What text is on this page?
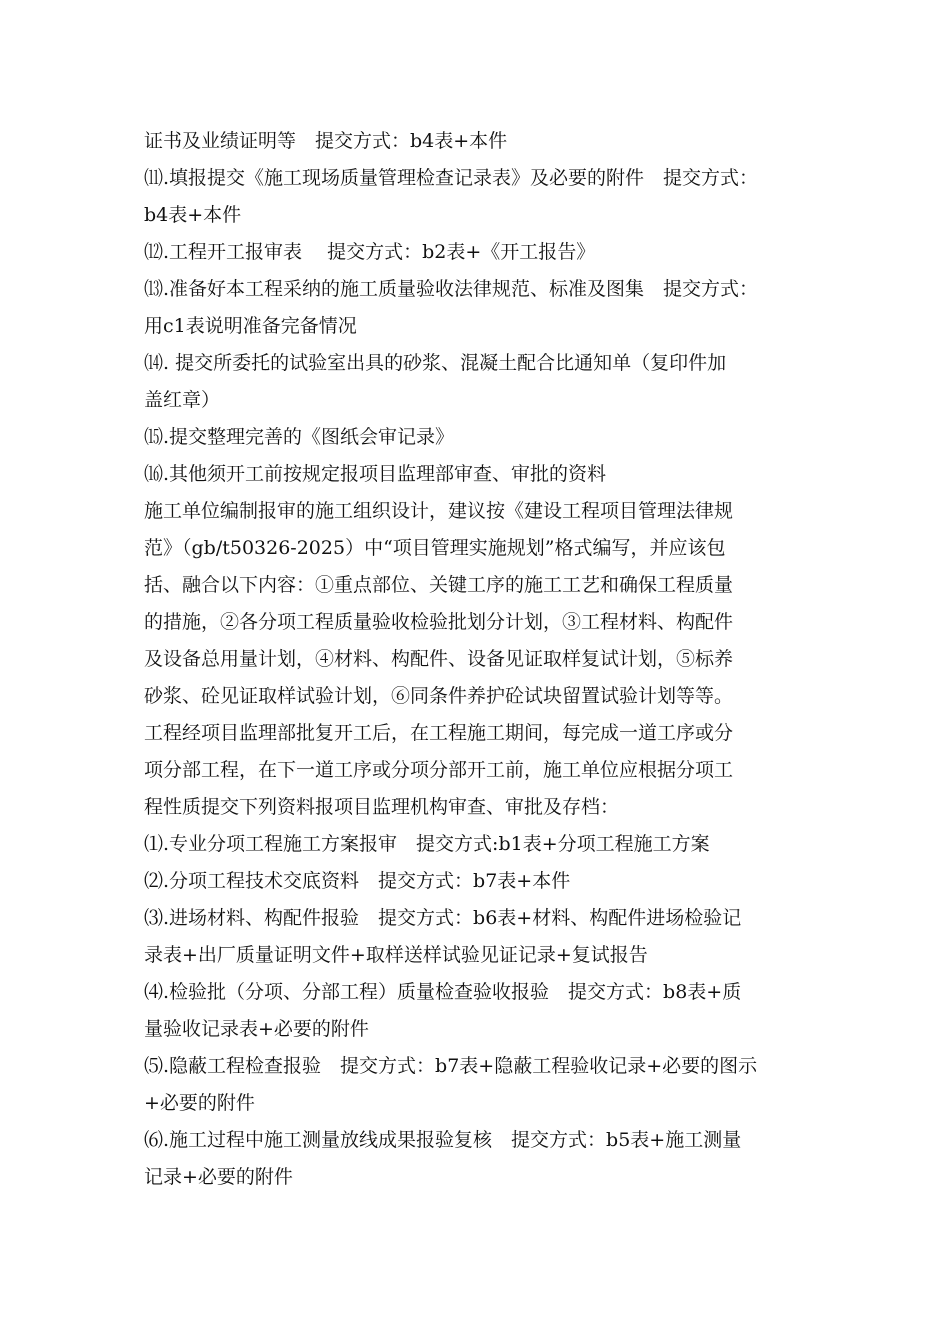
证书及业绩证明等　提交方式：b4表+本件
⑾.填报提交《施工现场质量管理检查记录表》及必要的附件　提交方式：
b4表+本件
⑿.工程开工报审表　 提交方式：b2表+《开工报告》
⒀.准备好本工程采纳的施工质量验收法律规范、标准及图集　提交方式：
用c1表说明准备完备情况
⒁. 提交所委托的试验室出具的砂浆、混凝土配合比通知单（复印件加
盖红章）
⒂.提交整理完善的《图纸会审记录》
⒃.其他须开工前按规定报项目监理部审查、审批的资料
施工单位编制报审的施工组织设计，建议按《建设工程项目管理法律规
范》（gb/t50326-2025）中“项目管理实施规划”格式编写，并应该包
括、融合以下内容：①重点部位、关键工序的施工工艺和确保工程质量
的措施，②各分项工程质量验收检验批划分计划，③工程材料、构配件
及设备总用量计划，④材料、构配件、设备见证取样复试计划，⑤标养
砂浆、砼见证取样试验计划，⑥同条件养护砼试块留置试验计划等等。
工程经项目监理部批复开工后，在工程施工期间，每完成一道工序或分
项分部工程，在下一道工序或分项分部开工前，施工单位应根据分项工
程性质提交下列资料报项目监理机构审查、审批及存档：
⑴.专业分项工程施工方案报审　提交方式:b1表+分项工程施工方案
⑵.分项工程技术交底资料　提交方式：b7表+本件
⑶.进场材料、构配件报验　提交方式：b6表+材料、构配件进场检验记
录表+出厂质量证明文件+取样送样试验见证记录+复试报告
⑷.检验批（分项、分部工程）质量检查验收报验　提交方式：b8表+质
量验收记录表+必要的附件
⑸.隐蔽工程检查报验　提交方式：b7表+隐蔽工程验收记录+必要的图示
+必要的附件
⑹.施工过程中施工测量放线成果报验复核　提交方式：b5表+施工测量
记录+必要的附件
